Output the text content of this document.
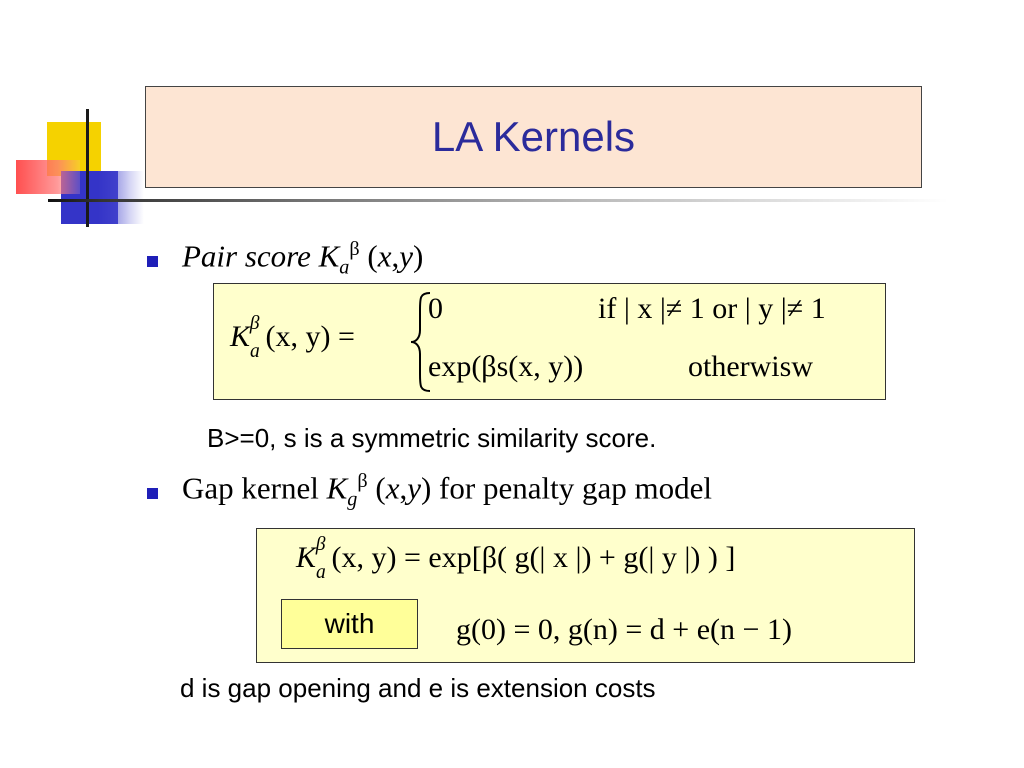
LA Kernels
Pair score $K_a^\beta$ (x,y)
$K_a^\beta$ (x, y) =
0	if | x |≠ 1 or | y |≠ 1
exp(βs(x, y))	otherwisw
B>=0, s is a symmetric similarity score.
Gap kernel $K_g^\beta$ (x,y) for penalty gap model
$K_a^\beta$ (x, y) = exp[β( g(| x |) + g(| y |) ) ]
with	g(0) = 0, g(n) = d + e(n − 1)
d is gap opening and e is extension costs
